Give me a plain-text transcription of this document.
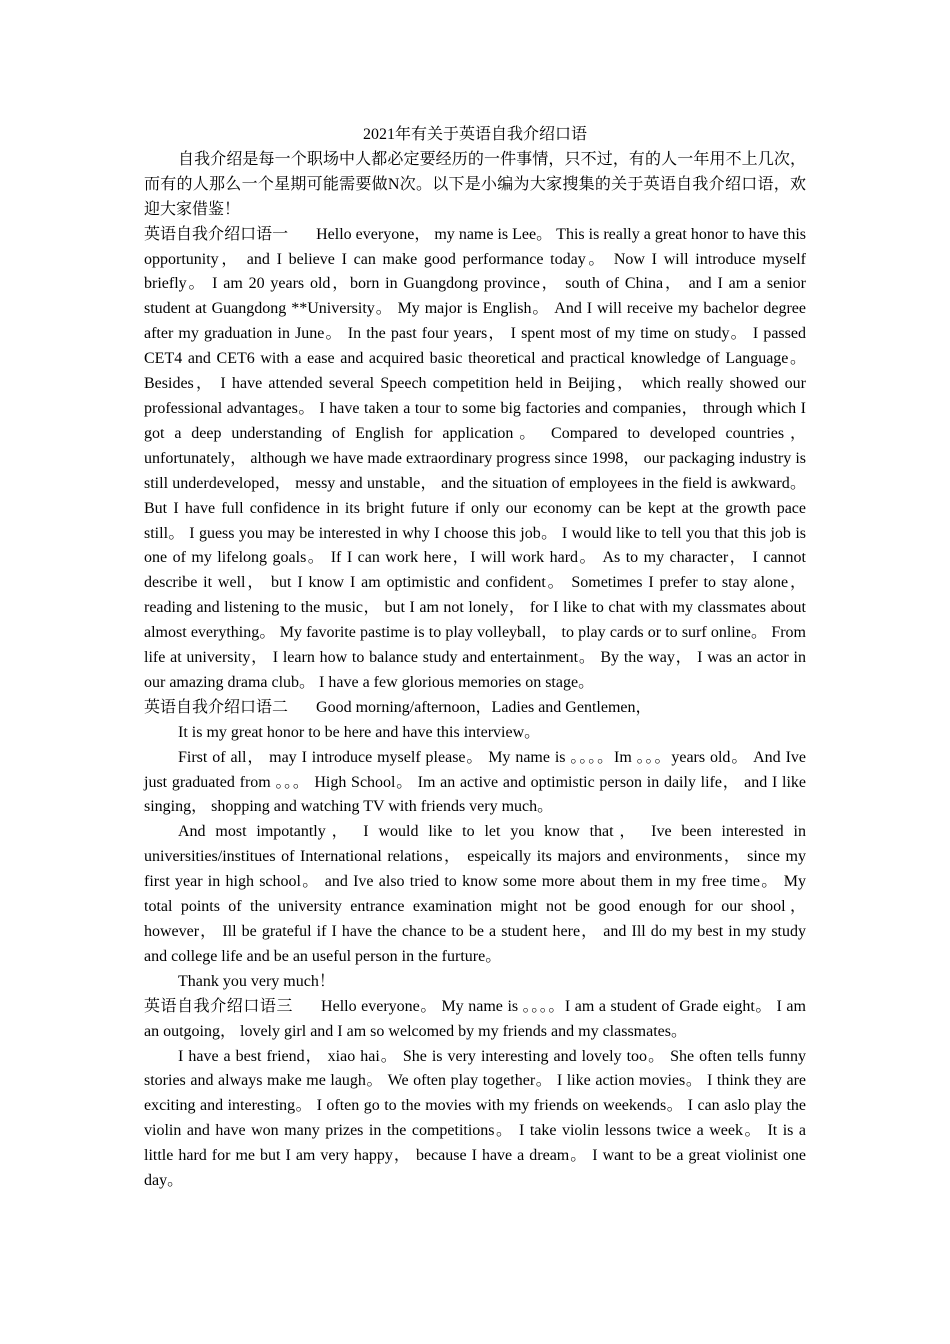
2021年有关于英语自我介绍口语

自我介绍是每一个职场中人都必定要经历的一件事情，只不过，有的人一年用不上几次，而有的人那么一个星期可能需要做N次。以下是小编为大家搜集的关于英语自我介绍口语，欢迎大家借鉴！

英语自我介绍口语一 Hello everyone， my name is Lee。 This is really a great honor to have this opportunity， and I believe I can make good performance today。 Now I will introduce myself briefly。 I am 20 years old，born in Guangdong province， south of China， and I am a senior student at Guangdong **University。 My major is English。 And I will receive my bachelor degree after my graduation in June。 In the past four years， I spent most of my time on study。 I passed CET4 and CET6 with a ease and acquired basic theoretical and practical knowledge of Language。 Besides， I have attended several Speech competition held in Beijing， which really showed our professional advantages。 I have taken a tour to some big factories and companies， through which I got a deep understanding of English for application。 Compared to developed countries， unfortunately， although we have made extraordinary progress since 1998， our packaging industry is still underdeveloped， messy and unstable， and the situation of employees in the field is awkward。 But I have full confidence in its bright future if only our economy can be kept at the growth pace still。 I guess you may be interested in why I choose this job。 I would like to tell you that this job is one of my lifelong goals。 If I can work here，I will work hard。 As to my character， I cannot describe it well， but I know I am optimistic and confident。 Sometimes I prefer to stay alone， reading and listening to the music， but I am not lonely， for I like to chat with my classmates about almost everything。 My favorite pastime is to play volleyball， to play cards or to surf online。 From life at university， I learn how to balance study and entertainment。 By the way， I was an actor in our amazing drama club。 I have a few glorious memories on stage。

英语自我介绍口语二 Good morning/afternoon，Ladies and Gentlemen，

It is my great honor to be here and have this interview。

First of all， may I introduce myself please。 My name is 。。。。Im 。。。years old。 And Ive just graduated from 。。。 High School。 Im an active and optimistic person in daily life， and I like singing， shopping and watching TV with friends very much。

And most impotantly， I would like to let you know that， Ive been interested in universities/institues of International relations， espeically its majors and environments， since my first year in high school。 and Ive also tried to know some more about them in my free time。 My total points of the university entrance examination might not be good enough for our shool， however， Ill be grateful if I have the chance to be a student here， and Ill do my best in my study and college life and be an useful person in the furture。

Thank you very much！

英语自我介绍口语三 Hello everyone。 My name is 。。。。I am a student of Grade eight。 I am an outgoing， lovely girl and I am so welcomed by my friends and my classmates。

I have a best friend， xiao hai。 She is very interesting and lovely too。 She often tells funny stories and always make me laugh。 We often play together。 I like action movies。 I think they are exciting and interesting。 I often go to the movies with my friends on weekends。 I can aslo play the violin and have won many prizes in the competitions。 I take violin lessons twice a week。 It is a little hard for me but I am very happy， because I have a dream。 I want to be a great violinist one day。
